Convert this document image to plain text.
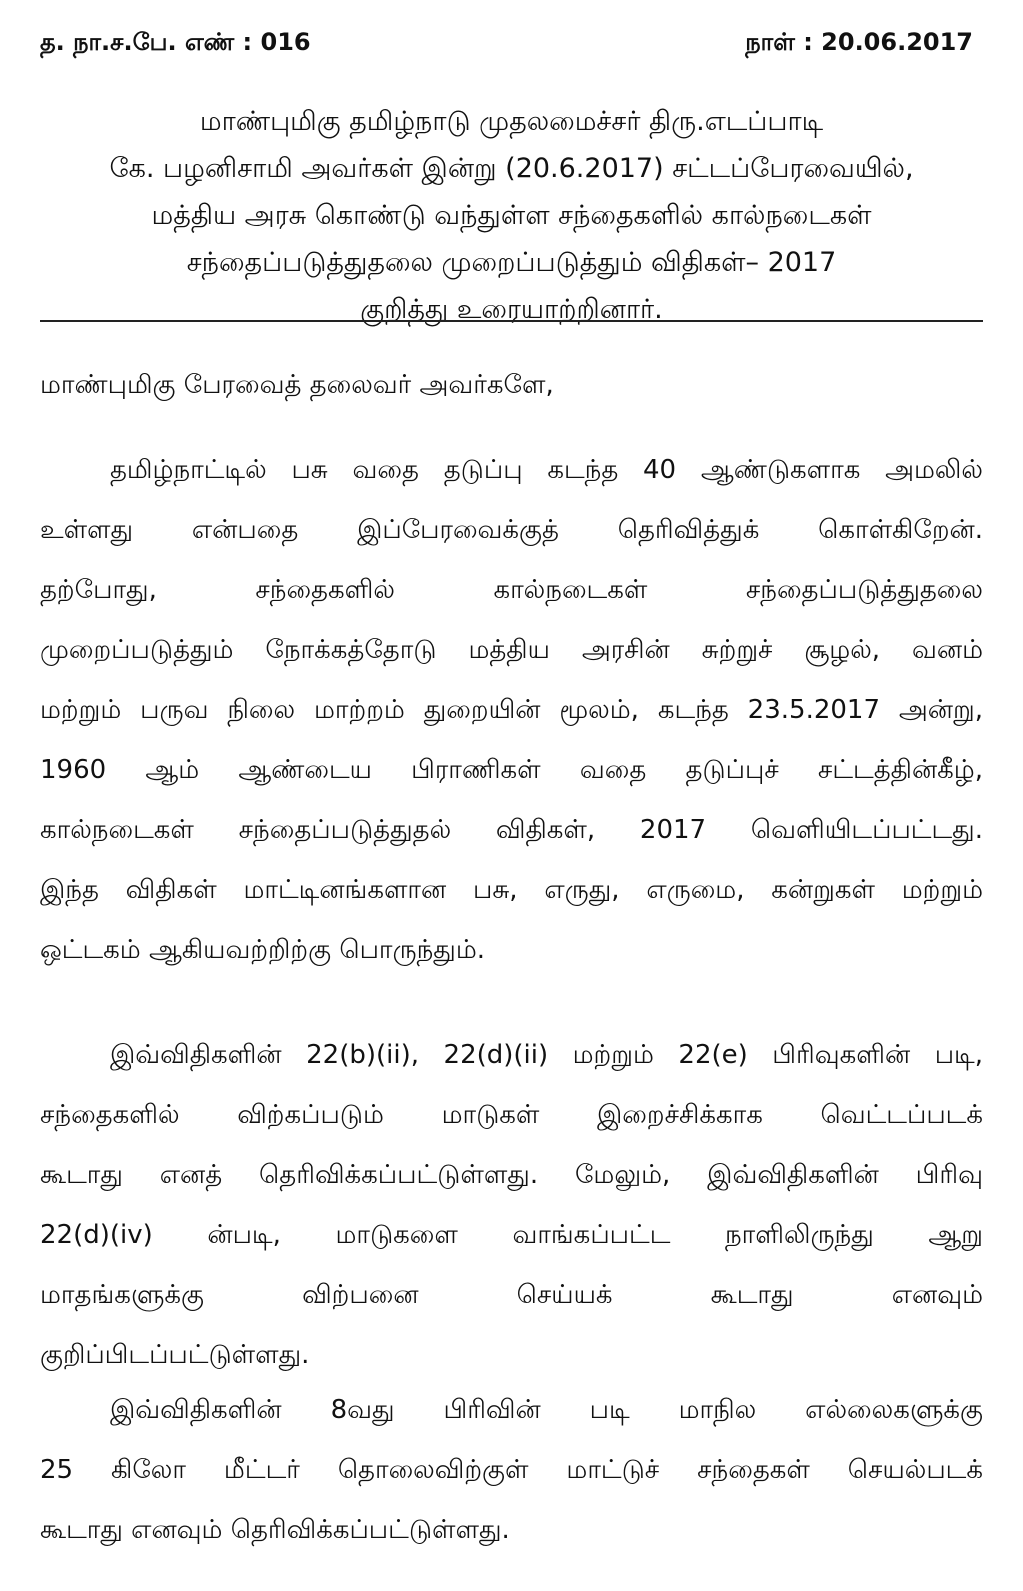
த. நா.ச.பே. எண் : 016	நாள் : 20.06.2017
மாண்புமிகு தமிழ்நாடு முதலமைச்சர் திரு.எடப்பாடி
கே. பழனிசாமி அவர்கள் இன்று (20.6.2017) சட்டப்பேரவையில்,
மத்திய அரசு கொண்டு வந்துள்ள சந்தைகளில் கால்நடைகள்
சந்தைப்படுத்துதலை முறைப்படுத்தும் விதிகள்– 2017
குறித்து உரையாற்றினார்.
மாண்புமிகு பேரவைத் தலைவர் அவர்களே,
தமிழ்நாட்டில் பசு வதை தடுப்பு கடந்த 40 ஆண்டுகளாக அமலில்
உள்ளது என்பதை இப்பேரவைக்குத் தெரிவித்துக் கொள்கிறேன்.
தற்போது, சந்தைகளில் கால்நடைகள் சந்தைப்படுத்துதலை
முறைப்படுத்தும் நோக்கத்தோடு மத்திய அரசின் சுற்றுச் சூழல், வனம்
மற்றும் பருவ நிலை மாற்றம் துறையின் மூலம், கடந்த 23.5.2017 அன்று,
1960 ஆம் ஆண்டைய பிராணிகள் வதை தடுப்புச் சட்டத்தின்கீழ்,
கால்நடைகள் சந்தைப்படுத்துதல் விதிகள், 2017 வெளியிடப்பட்டது.
இந்த விதிகள் மாட்டினங்களான பசு, எருது, எருமை, கன்றுகள் மற்றும்
ஒட்டகம் ஆகியவற்றிற்கு பொருந்தும்.
இவ்விதிகளின் 22(b)(ii), 22(d)(ii) மற்றும் 22(e) பிரிவுகளின் படி,
சந்தைகளில் விற்கப்படும் மாடுகள் இறைச்சிக்காக வெட்டப்படக்
கூடாது எனத் தெரிவிக்கப்பட்டுள்ளது. மேலும், இவ்விதிகளின் பிரிவு
22(d)(iv) ன்படி, மாடுகளை வாங்கப்பட்ட நாளிலிருந்து ஆறு
மாதங்களுக்கு விற்பனை செய்யக் கூடாது எனவும்
குறிப்பிடப்பட்டுள்ளது.
இவ்விதிகளின் 8வது பிரிவின் படி மாநில எல்லைகளுக்கு
25 கிலோ மீட்டர் தொலைவிற்குள் மாட்டுச் சந்தைகள் செயல்படக்
கூடாது எனவும் தெரிவிக்கப்பட்டுள்ளது.
